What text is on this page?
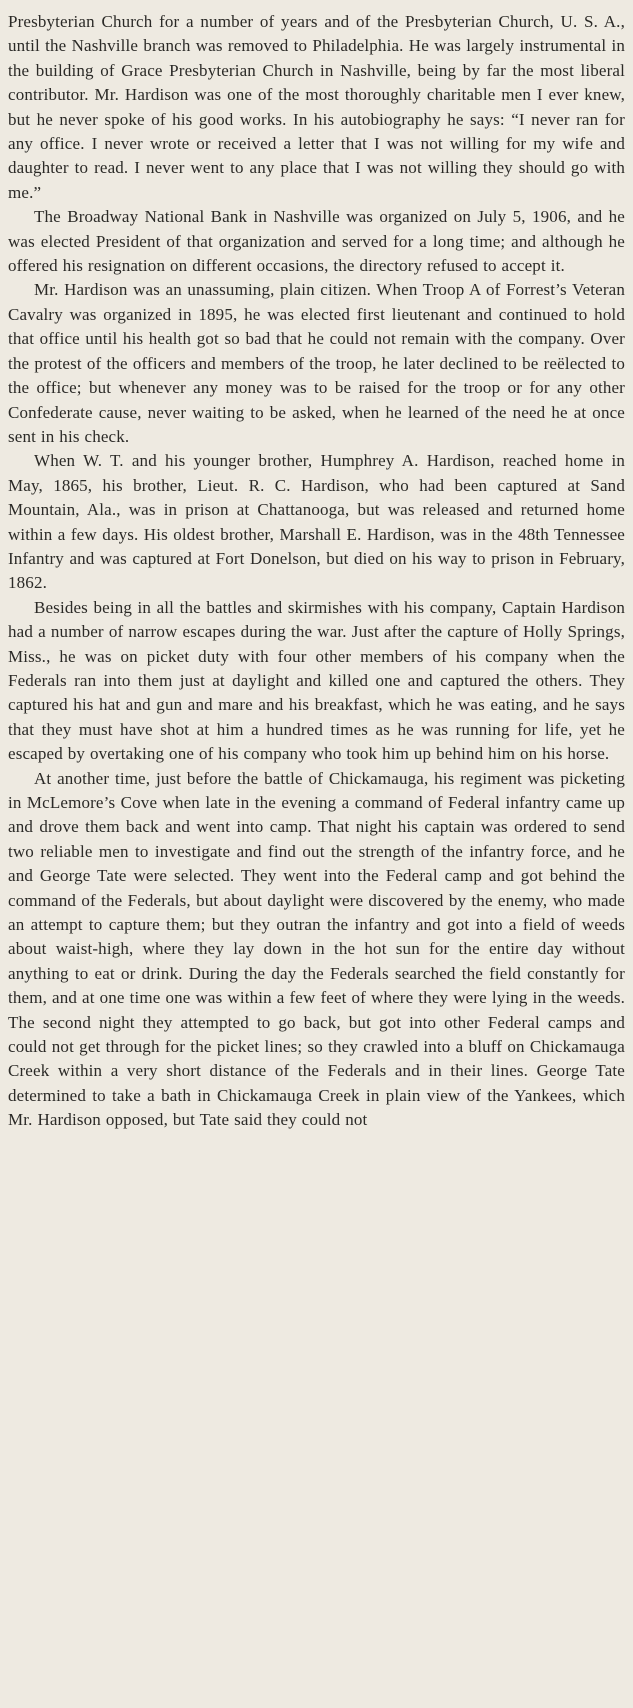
Presbyterian Church for a number of years and of the Presbyterian Church, U. S. A., until the Nashville branch was removed to Philadelphia. He was largely instrumental in the building of Grace Presbyterian Church in Nashville, being by far the most liberal contributor. Mr. Hardison was one of the most thoroughly charitable men I ever knew, but he never spoke of his good works. In his autobiography he says: “I never ran for any office. I never wrote or received a letter that I was not willing for my wife and daughter to read. I never went to any place that I was not willing they should go with me.”

The Broadway National Bank in Nashville was organized on July 5, 1906, and he was elected President of that organization and served for a long time; and although he offered his resignation on different occasions, the directory refused to accept it.

Mr. Hardison was an unassuming, plain citizen. When Troop A of Forrest’s Veteran Cavalry was organized in 1895, he was elected first lieutenant and continued to hold that office until his health got so bad that he could not remain with the company. Over the protest of the officers and members of the troop, he later declined to be reëlected to the office; but whenever any money was to be raised for the troop or for any other Confederate cause, never waiting to be asked, when he learned of the need he at once sent in his check.

When W. T. and his younger brother, Humphrey A. Hardison, reached home in May, 1865, his brother, Lieut. R. C. Hardison, who had been captured at Sand Mountain, Ala., was in prison at Chattanooga, but was released and returned home within a few days. His oldest brother, Marshall E. Hardison, was in the 48th Tennessee Infantry and was captured at Fort Donelson, but died on his way to prison in February, 1862.

Besides being in all the battles and skirmishes with his company, Captain Hardison had a number of narrow escapes during the war. Just after the capture of Holly Springs, Miss., he was on picket duty with four other members of his company when the Federals ran into them just at daylight and killed one and captured the others. They captured his hat and gun and mare and his breakfast, which he was eating, and he says that they must have shot at him a hundred times as he was running for life, yet he escaped by overtaking one of his company who took him up behind him on his horse.

At another time, just before the battle of Chickamauga, his regiment was picketing in McLemore’s Cove when late in the evening a command of Federal infantry came up and drove them back and went into camp. That night his captain was ordered to send two reliable men to investigate and find out the strength of the infantry force, and he and George Tate were selected. They went into the Federal camp and got behind the command of the Federals, but about daylight were discovered by the enemy, who made an attempt to capture them; but they outran the infantry and got into a field of weeds about waist-high, where they lay down in the hot sun for the entire day without anything to eat or drink. During the day the Federals searched the field constantly for them, and at one time one was within a few feet of where they were lying in the weeds. The second night they attempted to go back, but got into other Federal camps and could not get through for the picket lines; so they crawled into a bluff on Chickamauga Creek within a very short distance of the Federals and in their lines. George Tate determined to take a bath in Chickamauga Creek in plain view of the Yankees, which Mr. Hardison opposed, but Tate said they could not
